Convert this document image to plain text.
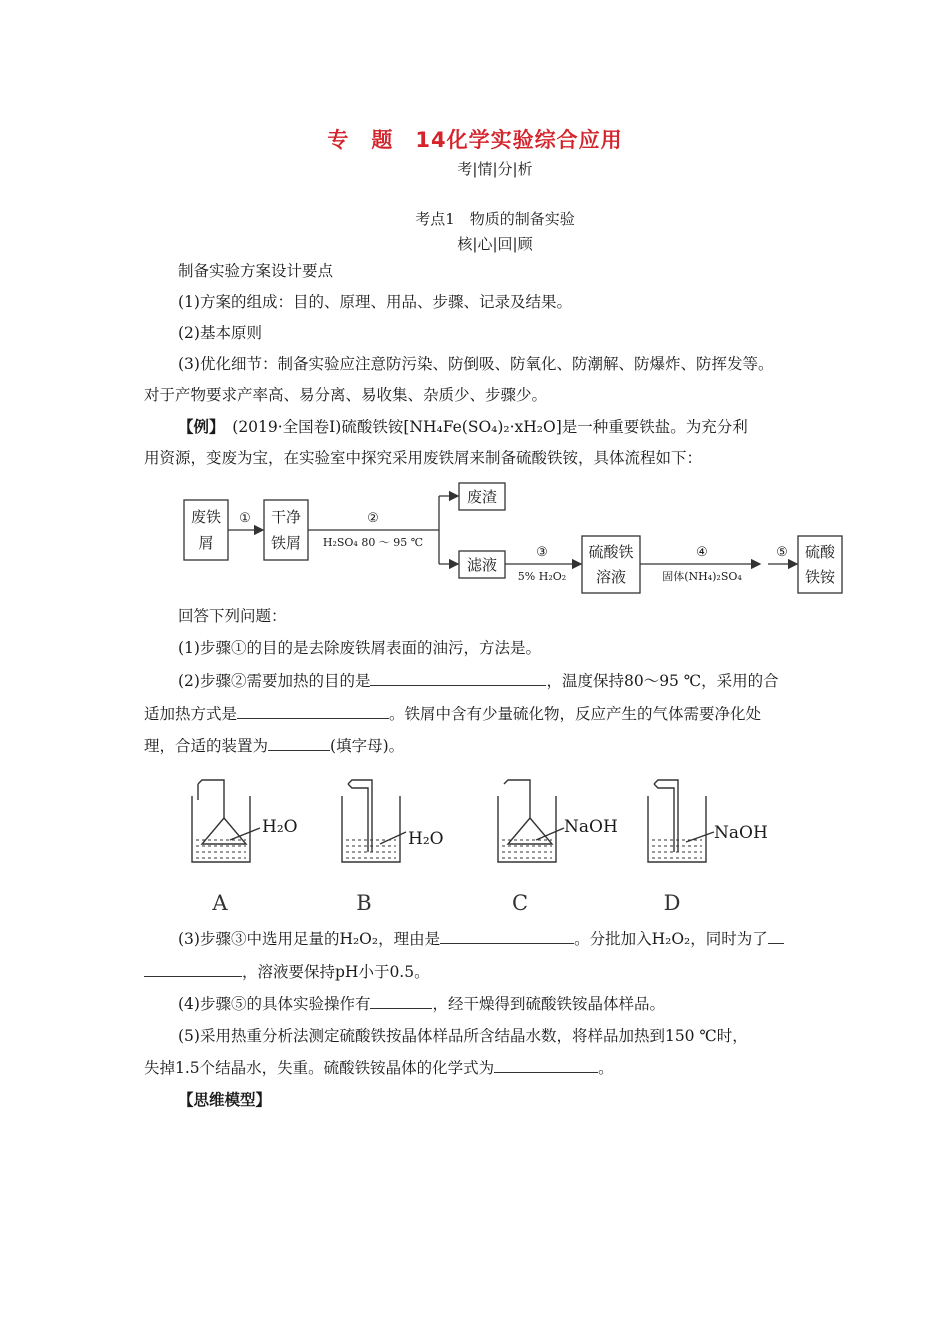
专　题　14化学实验综合应用
考|情|分|析
考点1　物质的制备实验
核|心|回|顾
制备实验方案设计要点
(1)方案的组成：目的、原理、用品、步骤、记录及结果。
(2)基本原则
(3)优化细节：制备实验应注意防污染、防倒吸、防氧化、防潮解、防爆炸、防挥发等。
对于产物要求产率高、易分离、易收集、杂质少、步骤少。
【例】　(2019·全国卷Ⅰ)硫酸铁铵[NH₄Fe(SO₄)₂·xH₂O]是一种重要铁盐。为充分利
用资源，变废为宝，在实验室中探究采用废铁屑来制备硫酸铁铵，具体流程如下：
废铁
屑
干净
铁屑
废渣
滤液
硫酸铁
溶液
硫酸
铁铵
①	②
H₂SO₄ 80 ～ 95 ℃
③
5% H₂O₂
④
固体(NH₄)₂SO₄
⑤
回答下列问题：
(1)步骤①的目的是去除废铁屑表面的油污，方法是。
(2)步骤②需要加热的目的是	，温度保持80～95 ℃，采用的合
适加热方式是	。铁屑中含有少量硫化物，反应产生的气体需要净化处
理，合适的装置为	(填字母)。
H₂O
H₂O
NaOH	NaOH
A	B	C	D
(3)步骤③中选用足量的H₂O₂，理由是	。分批加入H₂O₂，同时为了
，溶液要保持pH小于0.5。
(4)步骤⑤的具体实验操作有	，经干燥得到硫酸铁铵晶体样品。
(5)采用热重分析法测定硫酸铁按晶体样品所含结晶水数，将样品加热到150 ℃时，
失掉1.5个结晶水，失重。硫酸铁铵晶体的化学式为	。
【思维模型】
